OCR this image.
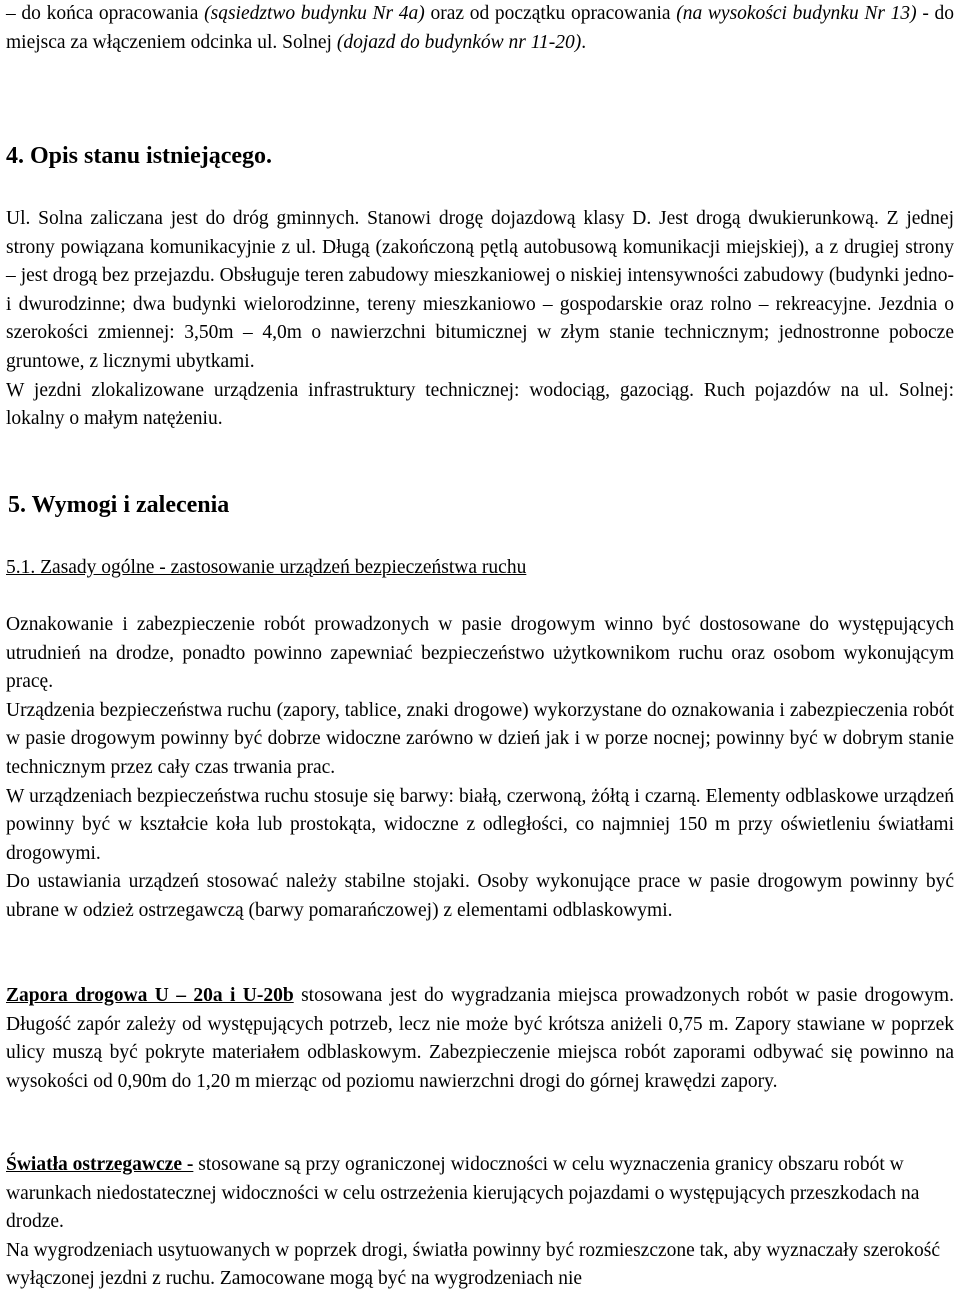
– do końca opracowania (sąsiedztwo budynku Nr 4a) oraz od początku opracowania (na wysokości budynku Nr 13) - do miejsca za włączeniem odcinka ul. Solnej (dojazd do budynków nr 11-20).

4. Opis stanu istniejącego.

Ul. Solna zaliczana jest do dróg gminnych. Stanowi drogę dojazdową klasy D. Jest drogą dwukierunkową. Z jednej strony powiązana komunikacyjnie z ul. Długą (zakończoną pętlą autobusową komunikacji miejskiej), a z drugiej strony – jest drogą bez przejazdu. Obsługuje teren zabudowy mieszkaniowej o niskiej intensywności zabudowy (budynki jedno- i dwurodzinne; dwa budynki wielorodzinne, tereny mieszkaniowo – gospodarskie oraz rolno – rekreacyjne. Jezdnia o szerokości zmiennej: 3,50m – 4,0m o nawierzchni bitumicznej w złym stanie technicznym; jednostronne pobocze gruntowe, z licznymi ubytkami.

W jezdni zlokalizowane urządzenia infrastruktury technicznej: wodociąg, gazociąg. Ruch pojazdów na ul. Solnej: lokalny o małym natężeniu.

5. Wymogi i zalecenia

5.1. Zasady ogólne - zastosowanie urządzeń bezpieczeństwa ruchu

Oznakowanie i zabezpieczenie robót prowadzonych w pasie drogowym winno być dostosowane do występujących utrudnień na drodze, ponadto powinno zapewniać bezpieczeństwo użytkownikom ruchu oraz osobom wykonującym pracę.

Urządzenia bezpieczeństwa ruchu (zapory, tablice, znaki drogowe) wykorzystane do oznakowania i zabezpieczenia robót w pasie drogowym powinny być dobrze widoczne zarówno w dzień jak i w porze nocnej; powinny być w dobrym stanie technicznym przez cały czas trwania prac.

W urządzeniach bezpieczeństwa ruchu stosuje się barwy: białą, czerwoną, żółtą i czarną. Elementy odblaskowe urządzeń powinny być w kształcie koła lub prostokąta, widoczne z odległości, co najmniej 150 m przy oświetleniu światłami drogowymi.

Do ustawiania urządzeń stosować należy stabilne stojaki. Osoby wykonujące prace w pasie drogowym powinny być ubrane w odzież ostrzegawczą (barwy pomarańczowej) z elementami odblaskowymi.

Zapora drogowa U – 20a i U-20b stosowana jest do wygradzania miejsca prowadzonych robót w pasie drogowym. Długość zapór zależy od występujących potrzeb, lecz nie może być krótsza aniżeli 0,75 m. Zapory stawiane w poprzek ulicy muszą być pokryte materiałem odblaskowym. Zabezpieczenie miejsca robót zaporami odbywać się powinno na wysokości od 0,90m do 1,20 m mierząc od poziomu nawierzchni drogi do górnej krawędzi zapory.

Światła ostrzegawcze - stosowane są przy ograniczonej widoczności w celu wyznaczenia granicy obszaru robót w warunkach niedostatecznej widoczności w celu ostrzeżenia kierujących pojazdami o występujących przeszkodach na drodze.

Na wygrodzeniach usytuowanych w poprzek drogi, światła powinny być rozmieszczone tak, aby wyznaczały szerokość wyłączonej jezdni z ruchu. Zamocowane mogą być na wygrodzeniach nie
